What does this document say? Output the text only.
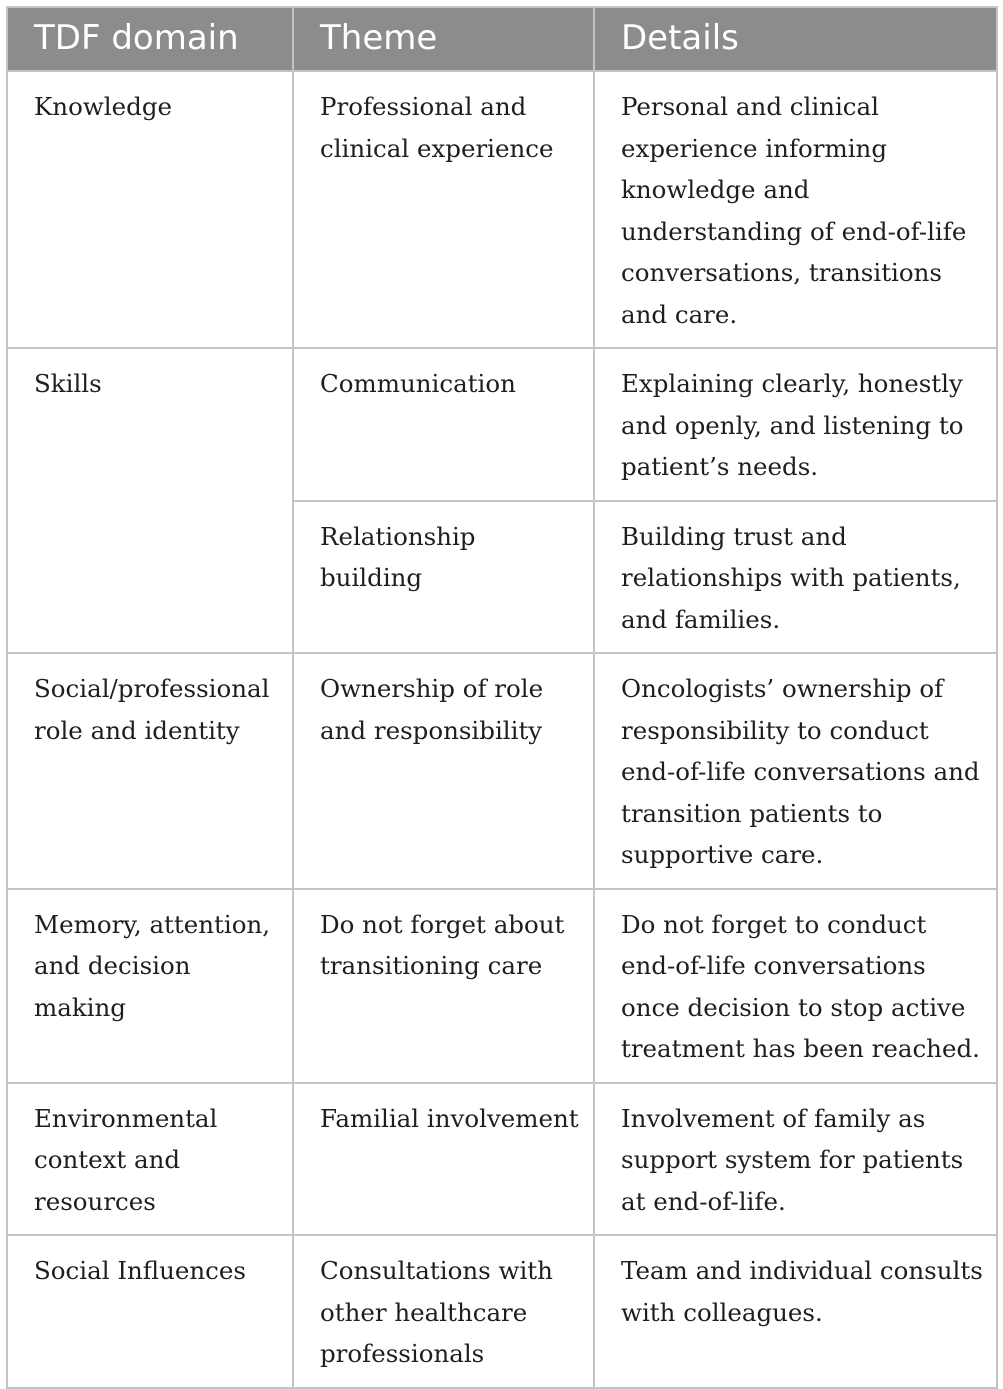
TDF domain	Theme	Details
Knowledge	Professional and clinical experience	Personal and clinical experience informing knowledge and understanding of end-of-life conversations, transitions and care.
Skills	Communication	Explaining clearly, honestly and openly, and listening to patient’s needs.
	Relationship building	Building trust and relationships with patients, and families.
Social/professional role and identity	Ownership of role and responsibility	Oncologists’ ownership of responsibility to conduct end-of-life conversations and transition patients to supportive care.
Memory, attention, and decision making	Do not forget about transitioning care	Do not forget to conduct end-of-life conversations once decision to stop active treatment has been reached.
Environmental context and resources	Familial involvement	Involvement of family as support system for patients at end-of-life.
Social Influences	Consultations with other healthcare professionals	Team and individual consults with colleagues.
